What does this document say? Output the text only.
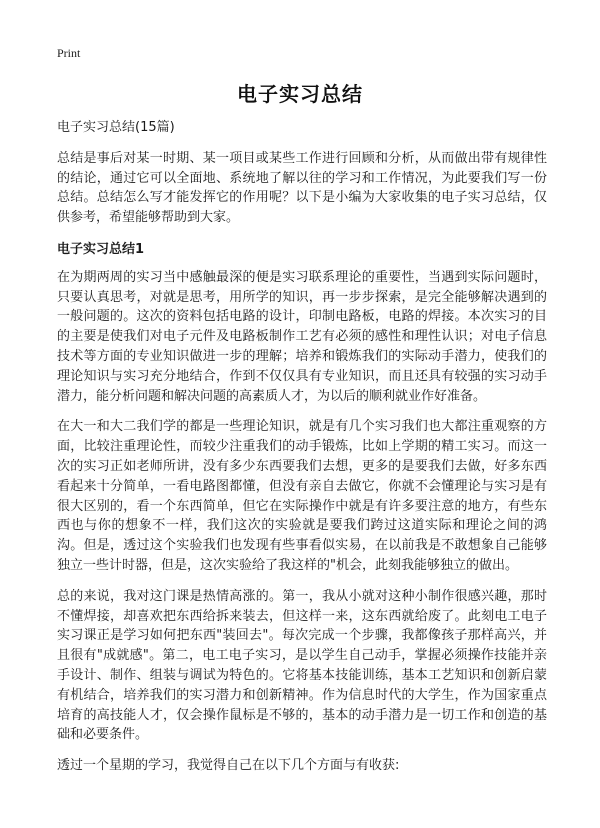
Print
电子实习总结

电子实习总结(15篇)

总结是事后对某一时期、某一项目或某些工作进行回顾和分析，从而做出带有规律性的结论，通过它可以全面地、系统地了解以往的学习和工作情况，为此要我们写一份总结。总结怎么写才能发挥它的作用呢？以下是小编为大家收集的电子实习总结，仅供参考，希望能够帮助到大家。

电子实习总结1

在为期两周的实习当中感触最深的便是实习联系理论的重要性，当遇到实际问题时，只要认真思考，对就是思考，用所学的知识，再一步步探索，是完全能够解决遇到的一般问题的。这次的资料包括电路的设计，印制电路板，电路的焊接。本次实习的目的主要是使我们对电子元件及电路板制作工艺有必须的感性和理性认识；对电子信息技术等方面的专业知识做进一步的理解；培养和锻炼我们的实际动手潜力，使我们的理论知识与实习充分地结合，作到不仅仅具有专业知识，而且还具有较强的实习动手潜力，能分析问题和解决问题的高素质人才，为以后的顺利就业作好准备。

在大一和大二我们学的都是一些理论知识，就是有几个实习我们也大都注重观察的方面，比较注重理论性，而较少注重我们的动手锻炼，比如上学期的精工实习。而这一次的实习正如老师所讲，没有多少东西要我们去想，更多的是要我们去做，好多东西看起来十分简单，一看电路图都懂，但没有亲自去做它，你就不会懂理论与实习是有很大区别的，看一个东西简单，但它在实际操作中就是有许多要注意的地方，有些东西也与你的想象不一样，我们这次的实验就是要我们跨过这道实际和理论之间的鸿沟。但是，透过这个实验我们也发现有些事看似实易，在以前我是不敢想象自己能够独立一些计时器，但是，这次实验给了我这样的"机会，此刻我能够独立的做出。

总的来说，我对这门课是热情高涨的。第一，我从小就对这种小制作很感兴趣，那时不懂焊接，却喜欢把东西给拆来装去，但这样一来，这东西就给废了。此刻电工电子实习课正是学习如何把东西"装回去"。每次完成一个步骤，我都像孩子那样高兴，并且很有"成就感"。第二，电工电子实习，是以学生自己动手，掌握必须操作技能并亲手设计、制作、组装与调试为特色的。它将基本技能训练，基本工艺知识和创新启蒙有机结合，培养我们的实习潜力和创新精神。作为信息时代的大学生，作为国家重点培育的高技能人才，仅会操作鼠标是不够的，基本的动手潜力是一切工作和创造的基础和必要条件。

透过一个星期的学习，我觉得自己在以下几个方面与有收获:
